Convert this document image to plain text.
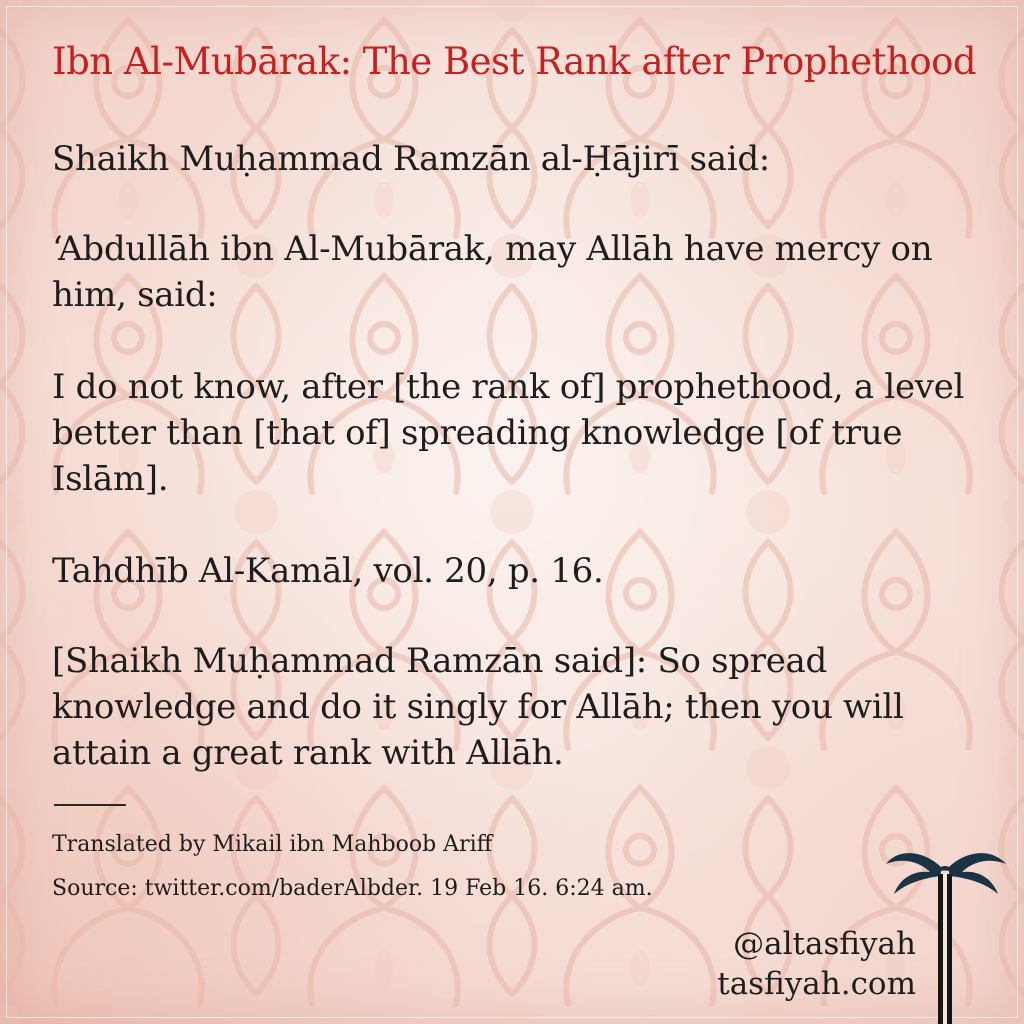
Ibn Al-Mubārak: The Best Rank after Prophethood

Shaikh Muḥammad Ramzān al-Ḥājirī said:

‘Abdullāh ibn Al-Mubārak, may Allāh have mercy on him, said:

I do not know, after [the rank of] prophethood, a level better than [that of] spreading knowledge [of true Islām].

Tahdhīb Al-Kamāl, vol. 20, p. 16.

[Shaikh Muḥammad Ramzān said]: So spread knowledge and do it singly for Allāh; then you will attain a great rank with Allāh.

Translated by Mikail ibn Mahboob Ariff

Source: twitter.com/baderAlbder. 19 Feb 16. 6:24 am.

@altasfiyah

tasfiyah.com
